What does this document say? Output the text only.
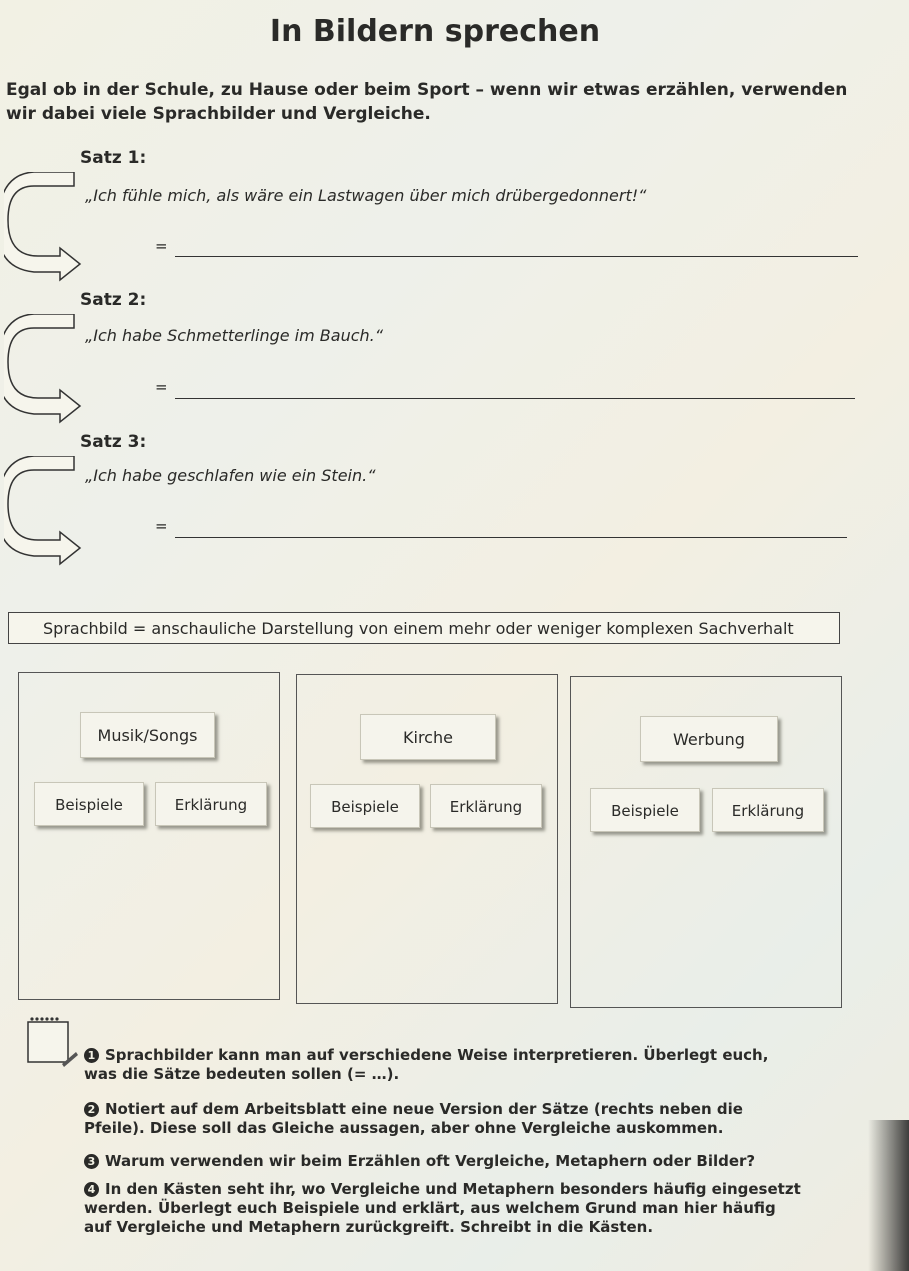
In Bildern sprechen
Egal ob in der Schule, zu Hause oder beim Sport – wenn wir etwas erzählen, verwenden wir dabei viele Sprachbilder und Vergleiche.
Satz 1:
„Ich fühle mich, als wäre ein Lastwagen über mich drübergedonnert!“
=
Satz 2:
„Ich habe Schmetterlinge im Bauch.“
=
Satz 3:
„Ich habe geschlafen wie ein Stein.“
=
Sprachbild = anschauliche Darstellung von einem mehr oder weniger komplexen Sachverhalt
Musik/Songs
Beispiele	Erklärung
Kirche
Beispiele	Erklärung
Werbung
Beispiele	Erklärung
1 Sprachbilder kann man auf verschiedene Weise interpretieren. Überlegt euch, was die Sätze bedeuten sollen (= …).
2 Notiert auf dem Arbeitsblatt eine neue Version der Sätze (rechts neben die Pfeile). Diese soll das Gleiche aussagen, aber ohne Vergleiche auskommen.
3 Warum verwenden wir beim Erzählen oft Vergleiche, Metaphern oder Bilder?
4 In den Kästen seht ihr, wo Vergleiche und Metaphern besonders häufig eingesetzt werden. Überlegt euch Beispiele und erklärt, aus welchem Grund man hier häufig auf Vergleiche und Metaphern zurückgreift. Schreibt in die Kästen.
